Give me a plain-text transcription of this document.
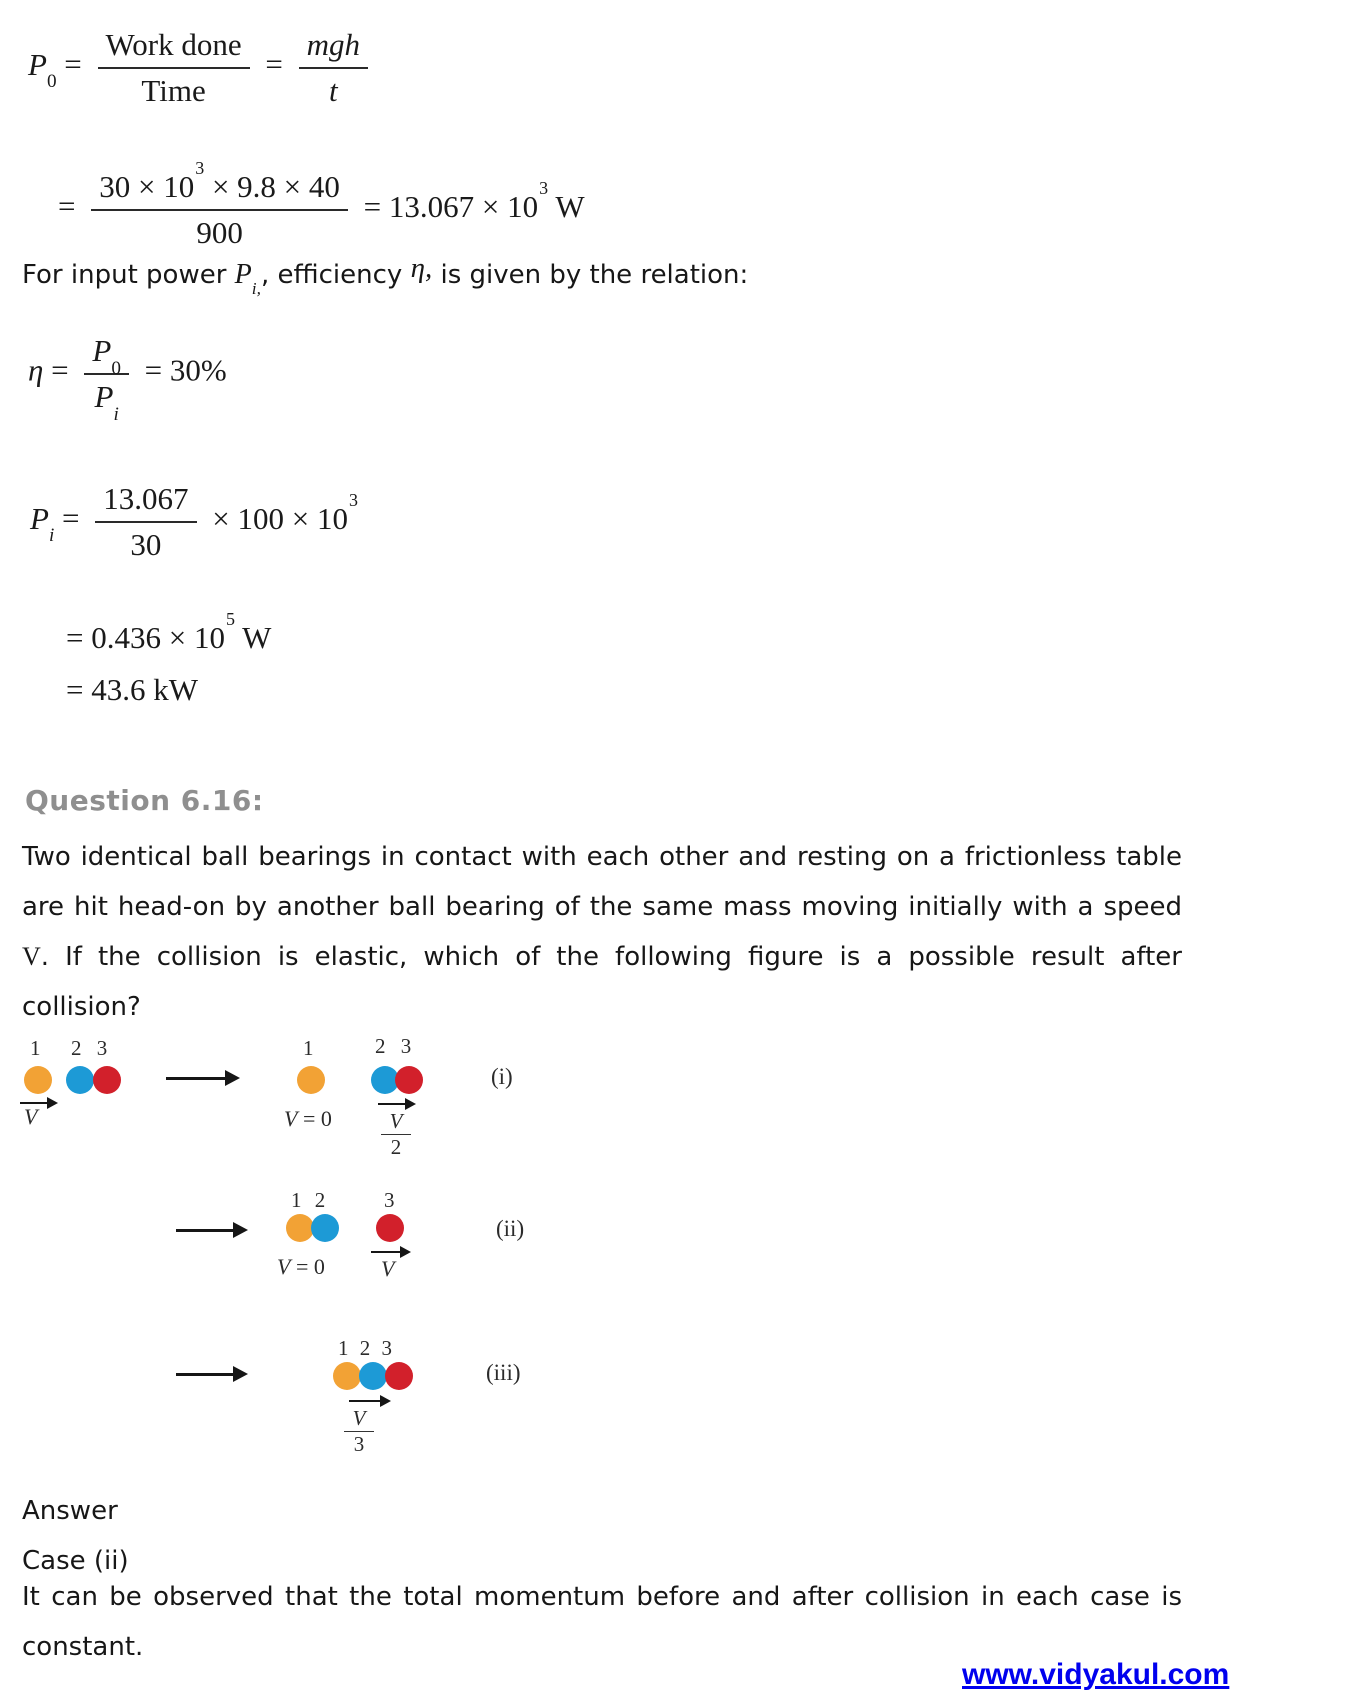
$P_0 = \frac{\text{Work done}}{\text{Time}} = \frac{\text{mgh}}{t}$
= $\frac{30 \times 10^3 \times 9.8 \times 40}{900} = 13.067 \times 10^3$ W
For input power $P_{i,}$, efficiency η, is given by the relation:
$\eta = \frac{P_0}{P_i} = 30\%$
$P_i = \frac{13.067}{30} \times 100 \times 10^3$
= $0.436 \times 10^5$ W
= 43.6 kW
Question 6.16:
Two identical ball bearings in contact with each other and resting on a frictionless table are hit head-on by another ball bearing of the same mass moving initially with a speed V. If the collision is elastic, which of the following figure is a possible result after collision?
1 2 3
V
1
V = 0
2 3
V
2
(i)
1 2
V = 0
3
V
(ii)
1 2 3
V
3
(iii)
Answer
Case (ii)
It can be observed that the total momentum before and after collision in each case is constant.
www.vidyakul.com
